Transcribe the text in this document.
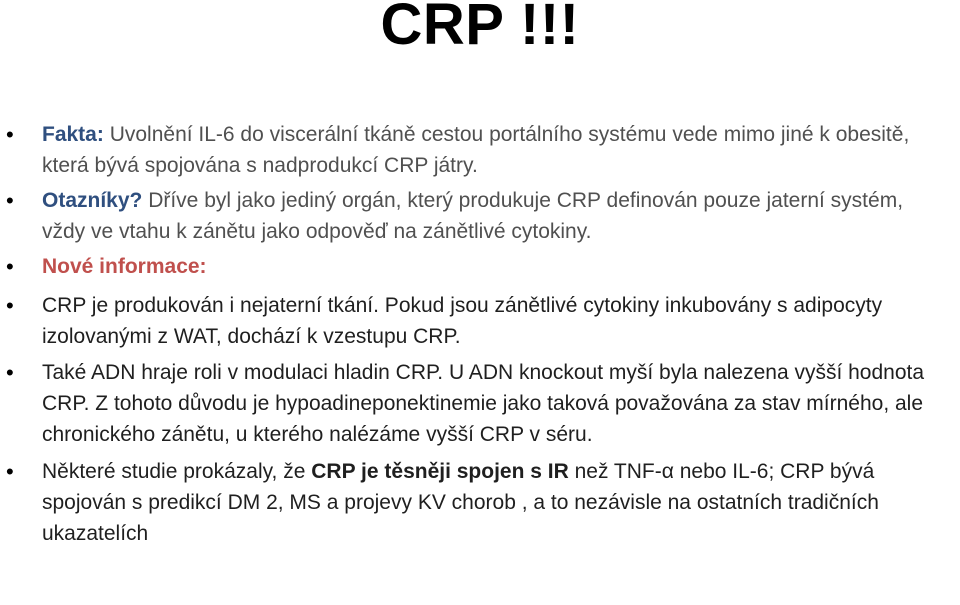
CRP !!!
• Fakta: Uvolnění IL-6 do viscerální tkáně cestou portálního systému vede mimo jiné k obesitě, která bývá spojována s nadprodukcí CRP játry.
• Otazníky? Dříve byl jako jediný orgán, který produkuje CRP definován pouze jaterní systém, vždy ve vtahu k zánětu jako odpověď na zánětlivé cytokiny.
• Nové informace:
• CRP je produkován i nejaterní tkání. Pokud jsou zánětlivé cytokiny inkubovány s adipocyty izolovanými z WAT, dochází k vzestupu CRP.
• Také ADN hraje roli v modulaci hladin CRP. U ADN knockout myší byla nalezena vyšší hodnota CRP. Z tohoto důvodu je hypoadineponektinemie jako taková považována za stav mírného, ale chronického zánětu, u kterého nalézáme vyšší CRP v séru.
• Některé studie prokázaly, že CRP je těsněji spojen s IR než TNF-α nebo IL-6; CRP bývá spojován s predikcí DM 2, MS a projevy KV chorob , a to nezávisle na ostatních tradičních ukazatelích
